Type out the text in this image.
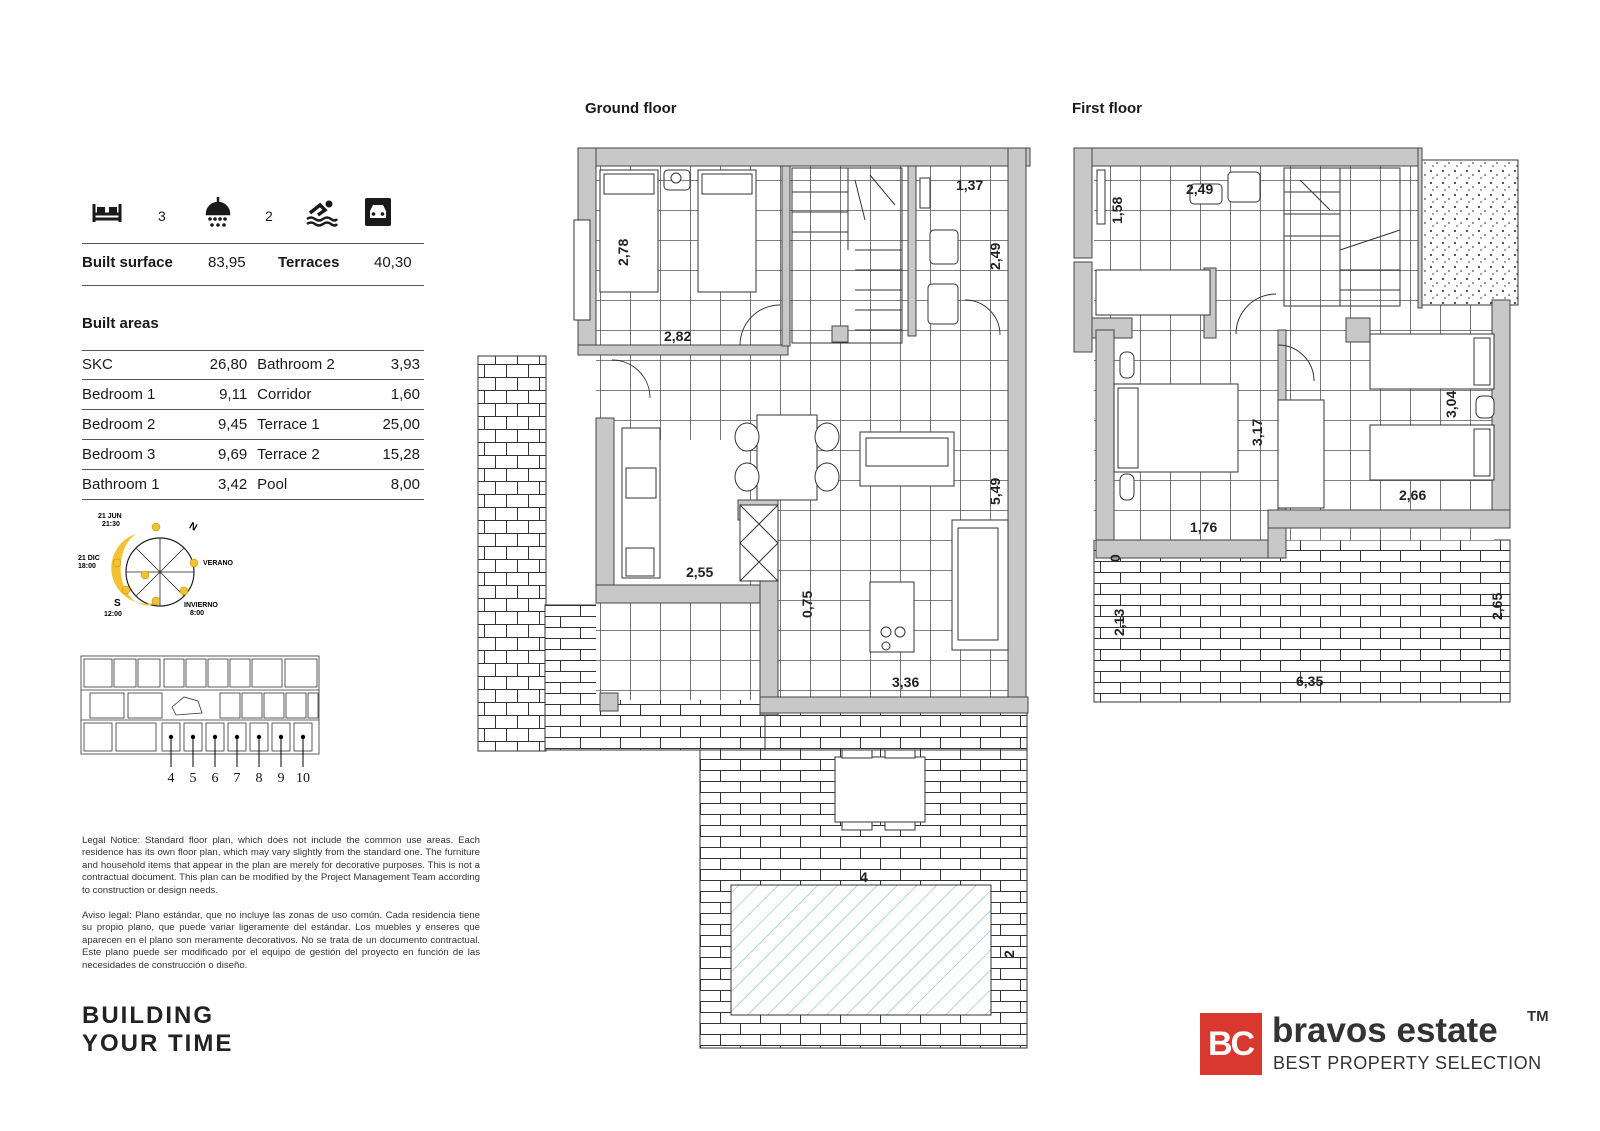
3	2
Built surface 83,95 Terraces 40,30
Built areas
SKC	26,80	Bathroom 2	3,93
Bedroom 1	9,11	Corridor	1,60
Bedroom 2	9,45	Terrace 1	25,00
Bedroom 3	9,69	Terrace 2	15,28
Bathroom 1	3,42	Pool	8,00
21 JUN
21:30
21 DIC
18:00	VERANO
INVIERNO
8:00
12:00
N
S
4 5 6 7 8 9 10
Legal Notice: Standard floor plan, which does not include the common use areas. Each residence has its own floor plan, which may vary slightly from the standard one. The furniture and household items that appear in the plan are merely for decorative purposes. This is not a contractual document. This plan can be modified by the Project Management Team according to construction or design needs.
Aviso legal: Plano estándar, que no incluye las zonas de uso común. Cada residencia tiene su propio plano, que puede variar ligeramente del estándar. Los muebles y enseres que aparecen en el plano son meramente decorativos. No se trata de un documento contractual. Este plano puede ser modificado por el equipo de gestión del proyecto en función de las necesidades de construcción o diseño.
BUILDING
YOUR TIME
Ground floor
2,78
2,82
1,37
2,49
5,49
2,55
0,75
3,36
4
2
First floor
1,58
2,49
3,17
3,04
2,66
1,76
0
2,13
2,65
6,35
BC bravos estate TM
BEST PROPERTY SELECTION
